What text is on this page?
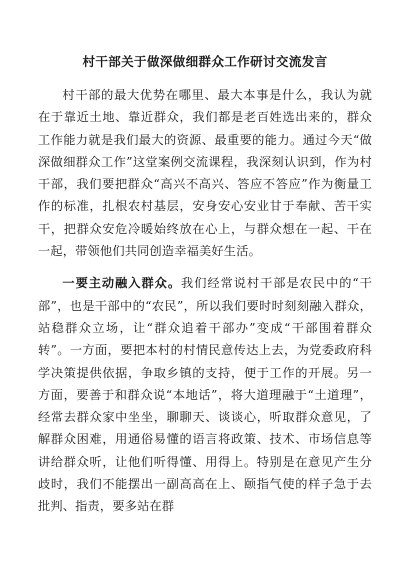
村干部关于做深做细群众工作研讨交流发言

村干部的最大优势在哪里、最大本事是什么，我认为就在于靠近土地、靠近群众，我们都是老百姓选出来的，群众工作能力就是我们最大的资源、最重要的能力。通过今天“做深做细群众工作”这堂案例交流课程，我深刻认识到，作为村干部，我们要把群众“高兴不高兴、答应不答应”作为衡量工作的标准，扎根农村基层，安身安心安业甘于奉献、苦干实干，把群众安危冷暖始终放在心上，与群众想在一起、干在一起，带领他们共同创造幸福美好生活。

一要主动融入群众。我们经常说村干部是农民中的“干部”，也是干部中的“农民”，所以我们要时时刻刻融入群众，站稳群众立场，让“群众追着干部办”变成“干部围着群众转”。一方面，要把本村的村情民意传达上去，为党委政府科学决策提供依据，争取乡镇的支持，便于工作的开展。另一方面，要善于和群众说“本地话”，将大道理融于“土道理”，经常去群众家中坐坐，聊聊天、谈谈心，听取群众意见，了解群众困难，用通俗易懂的语言将政策、技术、市场信息等讲给群众听，让他们听得懂、用得上。特别是在意见产生分歧时，我们不能摆出一副高高在上、颐指气使的样子急于去批判、指责，要多站在群
